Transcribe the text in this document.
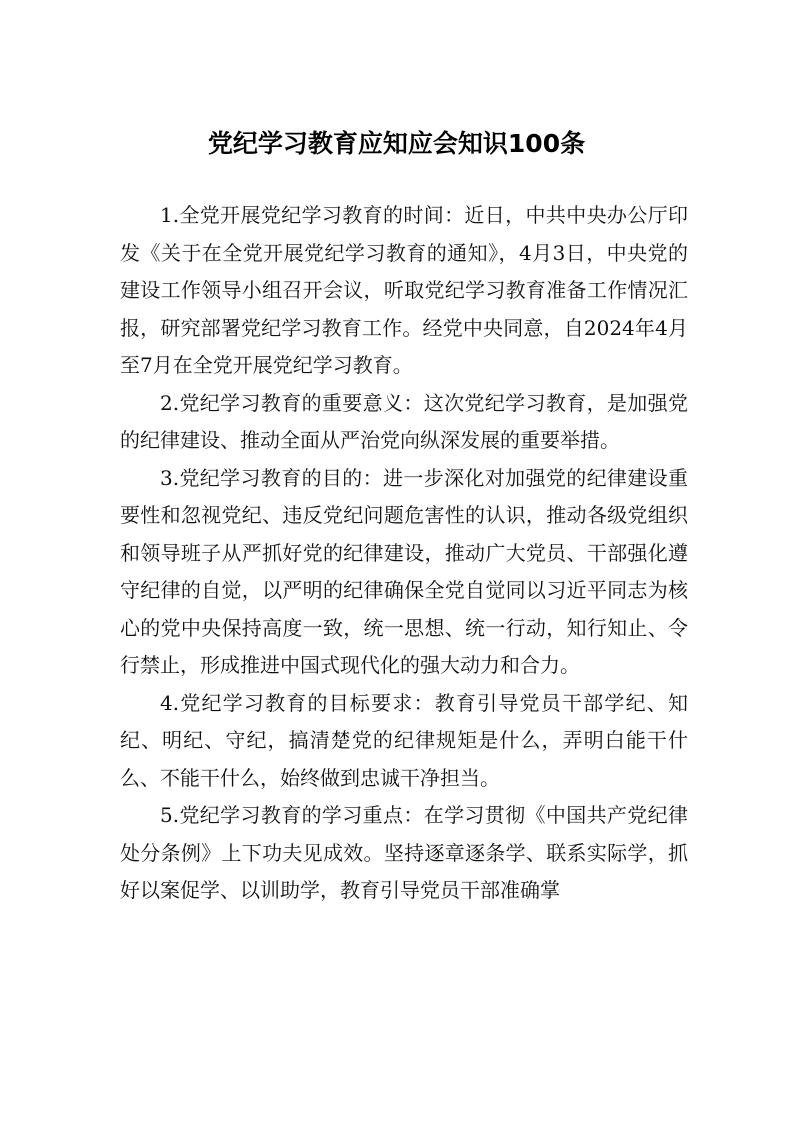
党纪学习教育应知应会知识100条

1.全党开展党纪学习教育的时间：近日，中共中央办公厅印发《关于在全党开展党纪学习教育的通知》，4月3日，中央党的建设工作领导小组召开会议，听取党纪学习教育准备工作情况汇报，研究部署党纪学习教育工作。经党中央同意，自2024年4月至7月在全党开展党纪学习教育。

2.党纪学习教育的重要意义：这次党纪学习教育，是加强党的纪律建设、推动全面从严治党向纵深发展的重要举措。

3.党纪学习教育的目的：进一步深化对加强党的纪律建设重要性和忽视党纪、违反党纪问题危害性的认识，推动各级党组织和领导班子从严抓好党的纪律建设，推动广大党员、干部强化遵守纪律的自觉，以严明的纪律确保全党自觉同以习近平同志为核心的党中央保持高度一致，统一思想、统一行动，知行知止、令行禁止，形成推进中国式现代化的强大动力和合力。

4.党纪学习教育的目标要求：教育引导党员干部学纪、知纪、明纪、守纪，搞清楚党的纪律规矩是什么，弄明白能干什么、不能干什么，始终做到忠诚干净担当。

5.党纪学习教育的学习重点：在学习贯彻《中国共产党纪律处分条例》上下功夫见成效。坚持逐章逐条学、联系实际学，抓好以案促学、以训助学，教育引导党员干部准确掌
